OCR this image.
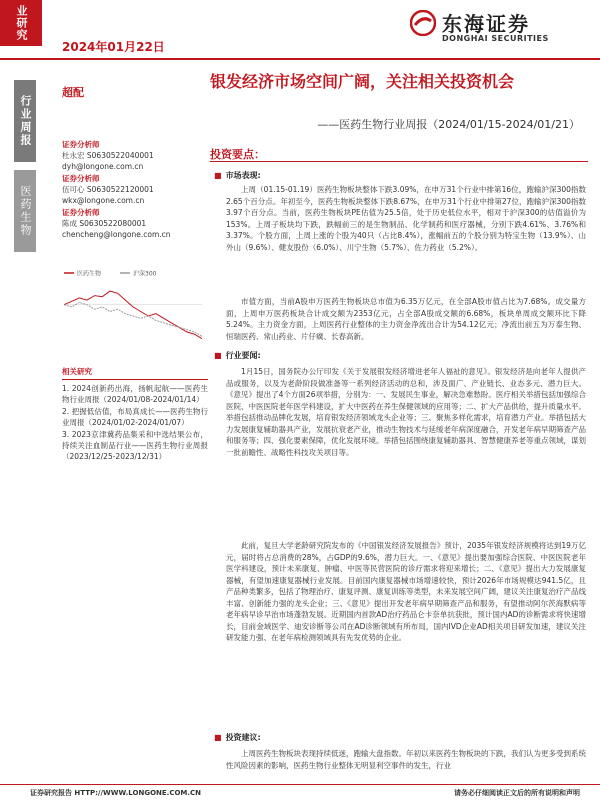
业研究
2024年01月22日
东海证券
DONGHAI SECURITIES
行业周报
医药生物
超配
银发经济市场空间广阔，关注相关投资机会
——医药生物行业周报（2024/01/15-2024/01/21）
证券分析师
杜永宏 S0630522040001
dyh@longone.com.cn
证券分析师
伍可心 S0630522120001
wkx@longone.com.cn
证券分析师
陈成 S0630522080001
chencheng@longone.com.cn
医药生物	沪深300
相关研究
1. 2024创新药出海，扬帆起航——医药生物行业周报（2024/01/08-2024/01/14）
2. 把握低估值，布局真成长——医药生物行业周报（2024/01/02-2024/01/07）
3. 2023京津冀药品集采和中选结果公布，持续关注血制品行业——医药生物行业周报（2023/12/25-2023/12/31）
投资要点：
■ 市场表现:
上周（01.15-01.19）医药生物板块整体下跌3.09%，在申万31个行业中排第16位，跑输沪深300指数2.65个百分点。年初至今，医药生物板块整体下跌8.67%，在申万31个行业中排第27位，跑输沪深300指数3.97个百分点。当前，医药生物板块PE估值为25.5倍，处于历史低位水平，相对于沪深300的估值溢价为153%。上周子板块均下跌，跌幅前三的是生物制品、化学制药和医疗器械，分别下跌4.61%、3.76%和3.37%。个股方面，上周上涨的个股为40只（占比8.4%），涨幅前五的个股分别为特宝生物（13.9%）、山外山（9.6%）、健友股份（6.0%）、川宁生物（5.7%）、佐力药业（5.2%）。
市值方面，当前A股申万医药生物板块总市值为6.35万亿元，在全部A股市值占比为7.68%。成交量方面，上周申万医药板块合计成交额为2353亿元，占全部A股成交额的6.68%，板块单周成交额环比下降5.24%。主力资金方面，上周医药行业整体的主力资金净流出合计为54.12亿元；净流出前五为万泰生物、恒瑞医药、常山药业、片仔癀、长春高新。
■ 行业要闻:
1月15日，国务院办公厅印发《关于发展银发经济增进老年人福祉的意见》。银发经济是向老年人提供产品或服务，以及为老龄阶段做准备等一系列经济活动的总和，涉及面广、产业链长、业态多元、潜力巨大。《意见》提出了4个方面26项举措，分别为：一、发展民生事业，解决急难愁盼。医疗相关举措包括加强综合医院、中医医院老年医学科建设，扩大中医药在养生保健领域的应用等；二、扩大产品供给，提升质量水平。举措包括推动品牌化发展，培育银发经济领域龙头企业等；三、聚焦多样化需求，培育潜力产业。举措包括大力发展康复辅助器具产业，发展抗衰老产业，推动生物技术与延缓老年病深度融合，开发老年病早期筛查产品和服务等；四、强化要素保障，优化发展环境。举措包括围绕康复辅助器具、智慧健康养老等重点领域，谋划一批前瞻性、战略性科技攻关项目等。
此前，复旦大学老龄研究院发布的《中国银发经济发展报告》预计，2035年银发经济规模将达到19万亿元，届时将占总消费的28%，占GDP的9.6%，潜力巨大。一、《意见》提出要加强综合医院、中医医院老年医学科建设，预计未来康复、肿瘤、中医等民营医院的诊疗需求将迎来增长；二、《意见》提出大力发展康复器械，有望加速康复器械行业发展。目前国内康复器械市场增速较快，预计2026年市场规模达941.5亿，且产品种类繁多，包括了物理治疗、康复评测、康复训练等类型，未来发展空间广阔，建议关注康复治疗产品线丰富、创新能力强的龙头企业；三、《意见》提出开发老年病早期筛查产品和服务，有望推动阿尔茨海默病等老年病早诊早治市场蓬勃发展。近期国内首款AD治疗药品仑卡奈单抗获批，预计国内AD的诊断需求将快速增长，目前金域医学、迪安诊断等公司在AD诊断领域有所布局，国内IVD企业AD相关项目研发加速，建议关注研发能力强、在老年病检测领域具有先发优势的企业。
■ 投资建议:
上周医药生物板块表现持续低迷，跑输大盘指数。年初以来医药生物板块的下跌，我们认为更多受到系统性风险因素的影响，医药生物行业整体无明显利空事件的发生，行业
证券研究报告 HTTP://WWW.LONGONE.COM.CN	请务必仔细阅读正文后的所有说明和声明
